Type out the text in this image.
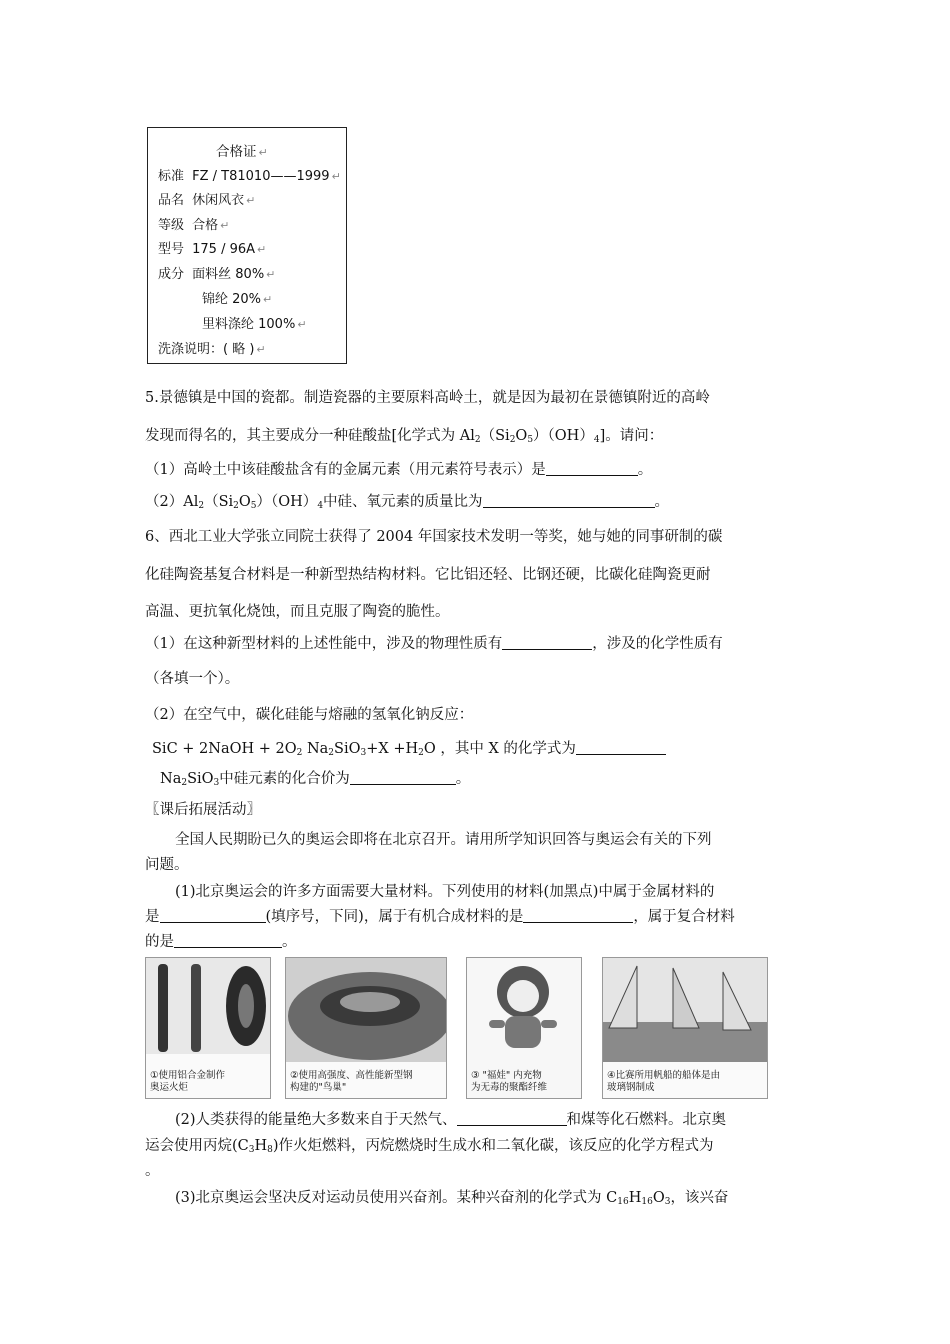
合格证 ↵
标准 FZ / T81010——1999 ↵
品名 休闲风衣 ↵
等级 合格 ↵
型号 175 / 96A ↵
成分 面料丝 80% ↵
锦纶 20% ↵
里料涤纶 100% ↵
洗涤说明：( 略 ) ↵
5.景德镇是中国的瓷都。制造瓷器的主要原料高岭土，就是因为最初在景德镇附近的高岭
发现而得名的，其主要成分一种硅酸盐[化学式为 $Al_2(Si_2O_5)(OH)_4$]。请问：
（1）高岭土中该硅酸盐含有的金属元素（用元素符号表示）是	。
$(2)Al_2(Si_2O_5)(OH)_4$中硅、氧元素的质量比为	。
6、西北工业大学张立同院士获得了 2004 年国家技术发明一等奖，她与她的同事研制的碳
化硅陶瓷基复合材料是一种新型热结构材料。它比铝还轻、比钢还硬，比碳化硅陶瓷更耐
高温、更抗氧化烧蚀，而且克服了陶瓷的脆性。
（1）在这种新型材料的上述性能中，涉及的物理性质有	，涉及的化学性质有
（各填一个）。
（2）在空气中，碳化硅能与熔融的氢氧化钠反应：
SiC + 2NaOH + $2O_2$ $Na_2SiO_3+X +H_2O$ ，其中 X 的化学式为
$Na_2SiO_3$中硅元素的化合价为	。
〖课后拓展活动〗
全国人民期盼已久的奥运会即将在北京召开。请用所学知识回答与奥运会有关的下列
问题。
(1)北京奥运会的许多方面需要大量材料。下列使用的材料(加黑点)中属于金属材料的
是	(填序号，下同)，属于有机合成材料的是	，属于复合材料
的是	。
①使用铝合金制作
奥运火炬
②使用高强度、高性能新型钢
构建的"鸟巢"
③ "福娃" 内充物
为无毒的聚酯纤维
④比赛所用帆船的船体是由
玻璃钢制成
(2)人类获得的能量绝大多数来自于天然气、	和煤等化石燃料。北京奥
运会使用丙烷$(C_3H_8)$作火炬燃料，丙烷燃烧时生成水和二氧化碳，该反应的化学方程式为
。
(3)北京奥运会坚决反对运动员使用兴奋剂。某种兴奋剂的化学式为 $C_{16}H_{16}O_3$，该兴奋
